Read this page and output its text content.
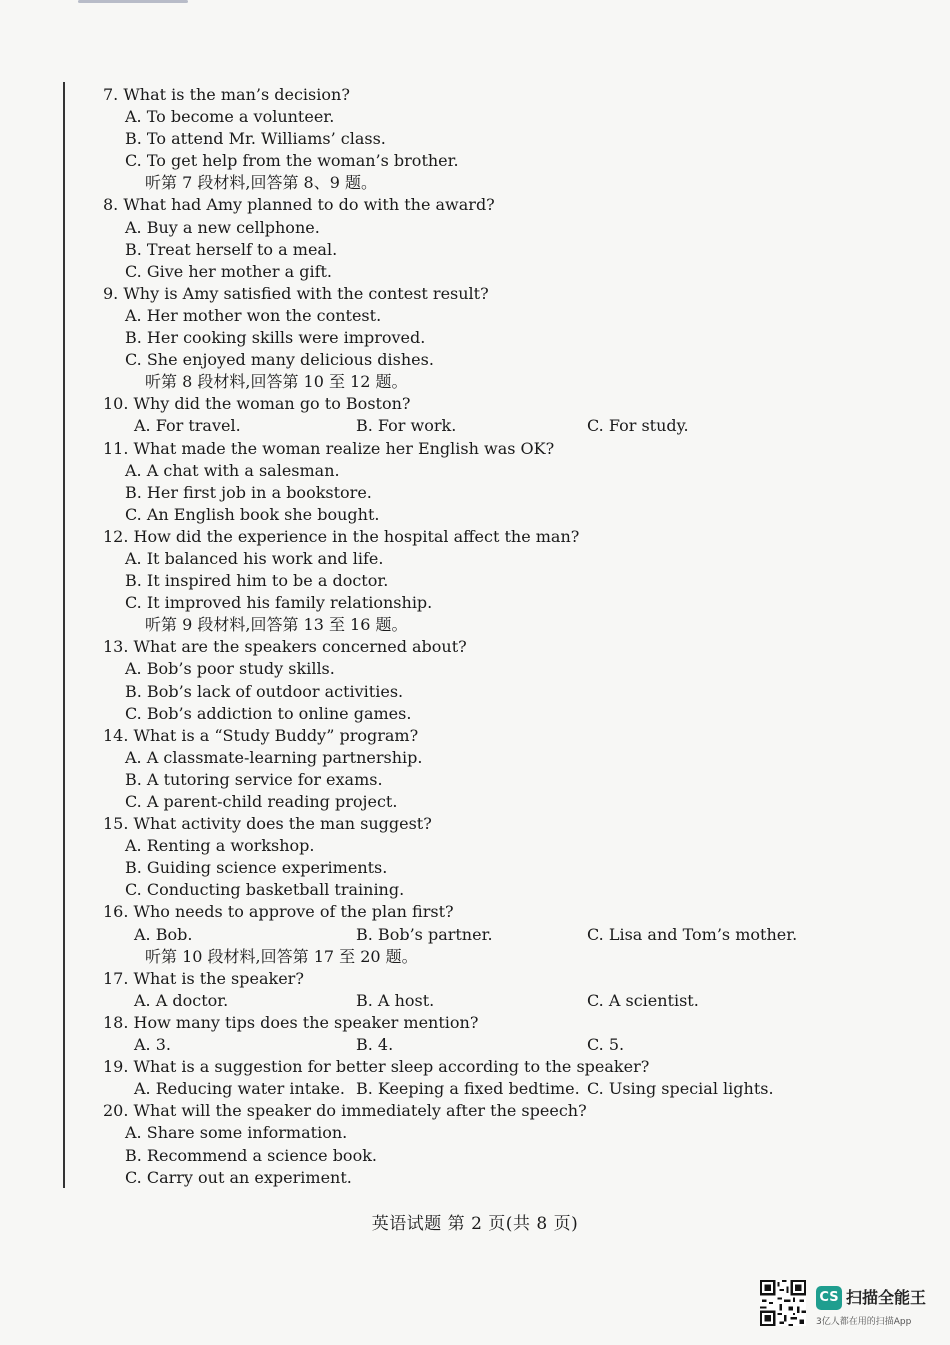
7. What is the man’s decision?
A. To become a volunteer.
B. To attend Mr. Williams’ class.
C. To get help from the woman’s brother.
听第 7 段材料,回答第 8、9 题。
8. What had Amy planned to do with the award?
A. Buy a new cellphone.
B. Treat herself to a meal.
C. Give her mother a gift.
9. Why is Amy satisfied with the contest result?
A. Her mother won the contest.
B. Her cooking skills were improved.
C. She enjoyed many delicious dishes.
听第 8 段材料,回答第 10 至 12 题。
10. Why did the woman go to Boston?
A. For travel.	B. For work.	C. For study.
11. What made the woman realize her English was OK?
A. A chat with a salesman.
B. Her first job in a bookstore.
C. An English book she bought.
12. How did the experience in the hospital affect the man?
A. It balanced his work and life.
B. It inspired him to be a doctor.
C. It improved his family relationship.
听第 9 段材料,回答第 13 至 16 题。
13. What are the speakers concerned about?
A. Bob’s poor study skills.
B. Bob’s lack of outdoor activities.
C. Bob’s addiction to online games.
14. What is a “Study Buddy” program?
A. A classmate-learning partnership.
B. A tutoring service for exams.
C. A parent-child reading project.
15. What activity does the man suggest?
A. Renting a workshop.
B. Guiding science experiments.
C. Conducting basketball training.
16. Who needs to approve of the plan first?
A. Bob.	B. Bob’s partner.	C. Lisa and Tom’s mother.
听第 10 段材料,回答第 17 至 20 题。
17. What is the speaker?
A. A doctor.	B. A host.	C. A scientist.
18. How many tips does the speaker mention?
A. 3.	B. 4.	C. 5.
19. What is a suggestion for better sleep according to the speaker?
A. Reducing water intake. B. Keeping a fixed bedtime. C. Using special lights.
20. What will the speaker do immediately after the speech?
A. Share some information.
B. Recommend a science book.
C. Carry out an experiment.
英语试题 第 2 页(共 8 页)
CS 扫描全能王
3亿人都在用的扫描App
